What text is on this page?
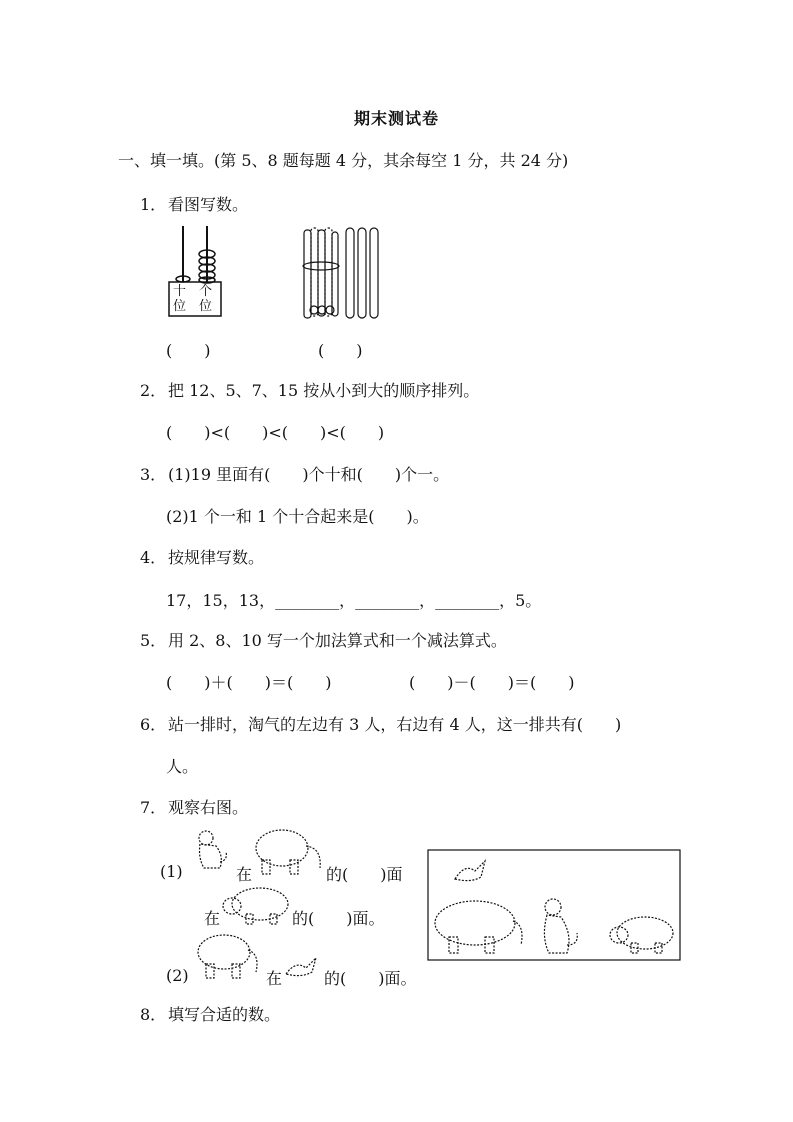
期末测试卷
一、填一填。(第 5、8 题每题 4 分，其余每空 1 分，共 24 分)
1． 看图写数。
十
位
个
位
(　　)	(　　)
2． 把 12、5、7、15 按从小到大的顺序排列。
(　　)<(　　)<(　　)<(　　)
3． (1)19 里面有(　　)个十和(　　)个一。
(2)1 个一和 1 个十合起来是(　　)。
4． 按规律写数。
17，15，13，________，________，________，5。
5． 用 2、8、10 写一个加法算式和一个减法算式。
(　　)＋(　　)＝(　　)	(　　)－(　　)＝(　　)
6． 站一排时，淘气的左边有 3 人，右边有 4 人，这一排共有(　　)
人。
7． 观察右图。
(1)	在	的(　　)面
在	的(　　)面。
(2)	在	的(　　)面。
8． 填写合适的数。
